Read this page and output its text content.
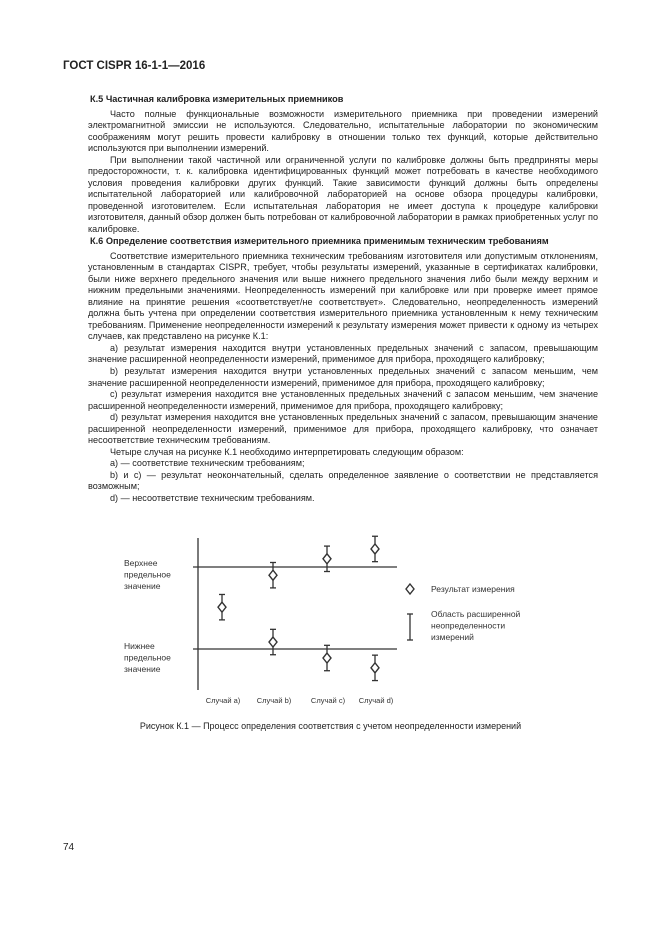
ГОСТ CISPR 16-1-1—2016
К.5 Частичная калибровка измерительных приемников

Часто полные функциональные возможности измерительного приемника при проведении измерений электромагнитной эмиссии не используются. Следовательно, испытательные лаборатории по экономическим соображениям могут решить провести калибровку в отношении только тех функций, которые действительно используются при выполнении измерений.

При выполнении такой частичной или ограниченной услуги по калибровке должны быть предприняты меры предосторожности, т. к. калибровка идентифицированных функций может потребовать в качестве необходимого условия проведения калибровки других функций. Такие зависимости функций должны быть определены испытательной лабораторией или калибровочной лабораторией на основе обзора процедуры калибровки, проведенной изготовителем. Если испытательная лаборатория не имеет доступа к процедуре калибровки изготовителя, данный обзор должен быть потребован от калибровочной лаборатории в рамках приобретенных услуг по калибровке.

К.6 Определение соответствия измерительного приемника применимым техническим требованиям

Соответствие измерительного приемника техническим требованиям изготовителя или допустимым отклонениям, установленным в стандартах CISPR, требует, чтобы результаты измерений, указанные в сертификатах калибровки, были ниже верхнего предельного значения или выше нижнего предельного значения либо были между верхним и нижним предельными значениями. Неопределенность измерений при калибровке или при проверке имеет прямое влияние на принятие решения «соответствует/не соответствует». Следовательно, неопределенность измерений должна быть учтена при определении соответствия измерительного приемника установленным к нему техническим требованиям. Применение неопределенности измерений к результату измерения может привести к одному из четырех случаев, как представлено на рисунке К.1:

a) результат измерения находится внутри установленных предельных значений с запасом, превышающим значение расширенной неопределенности измерений, применимое для прибора, проходящего калибровку;

b) результат измерения находится внутри установленных предельных значений с запасом меньшим, чем значение расширенной неопределенности измерений, применимое для прибора, проходящего калибровку;

c) результат измерения находится вне установленных предельных значений с запасом меньшим, чем значение расширенной неопределенности измерений, применимое для прибора, проходящего калибровку;

d) результат измерения находится вне установленных предельных значений с запасом, превышающим значение расширенной неопределенности измерений, применимое для прибора, проходящего калибровку, что означает несоответствие техническим требованиям.

Четыре случая на рисунке К.1 необходимо интерпретировать следующим образом:

a) — соответствие техническим требованиям;

b) и c) — результат неокончательный, сделать определенное заявление о соответствии не представляется возможным;

d) — несоответствие техническим требованиям.

Верхнее предельное значение
Нижнее предельное значение
Случай a) Случай b)	Случай c) Случай d)
Результат измерения
Область расширенной неопределенности измерений
Рисунок К.1 — Процесс определения соответствия с учетом неопределенности измерений
74
